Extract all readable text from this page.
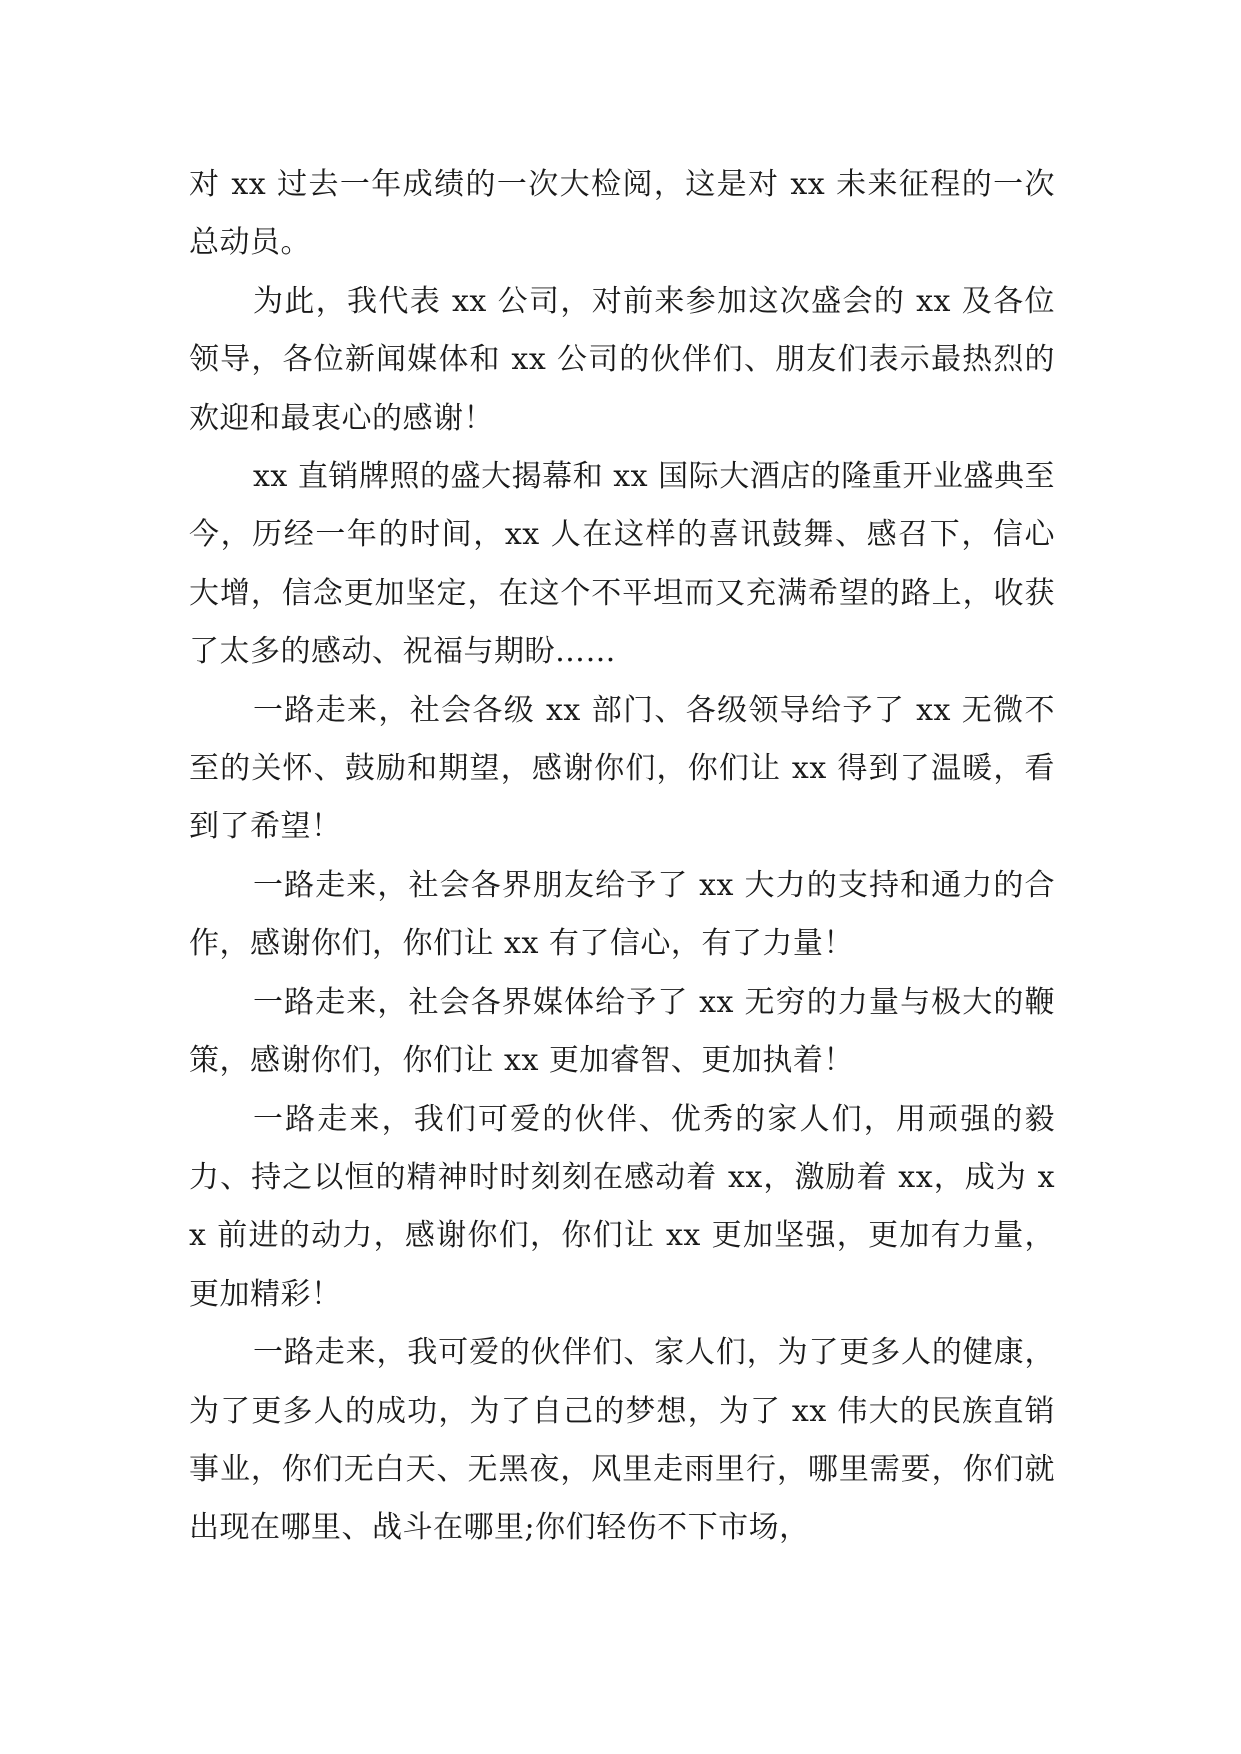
对 xx 过去一年成绩的一次大检阅，这是对 xx 未来征程的一次总动员。

为此，我代表 xx 公司，对前来参加这次盛会的 xx 及各位领导，各位新闻媒体和 xx 公司的伙伴们、朋友们表示最热烈的欢迎和最衷心的感谢！

xx 直销牌照的盛大揭幕和 xx 国际大酒店的隆重开业盛典至今，历经一年的时间，xx 人在这样的喜讯鼓舞、感召下，信心大增，信念更加坚定，在这个不平坦而又充满希望的路上，收获了太多的感动、祝福与期盼……

一路走来，社会各级 xx 部门、各级领导给予了 xx 无微不至的关怀、鼓励和期望，感谢你们，你们让 xx 得到了温暖，看到了希望！

一路走来，社会各界朋友给予了 xx 大力的支持和通力的合作，感谢你们，你们让 xx 有了信心，有了力量！

一路走来，社会各界媒体给予了 xx 无穷的力量与极大的鞭策，感谢你们，你们让 xx 更加睿智、更加执着！

一路走来，我们可爱的伙伴、优秀的家人们，用顽强的毅力、持之以恒的精神时时刻刻在感动着 xx，激励着 xx，成为 xx 前进的动力，感谢你们，你们让 xx 更加坚强，更加有力量，更加精彩！

一路走来，我可爱的伙伴们、家人们，为了更多人的健康，为了更多人的成功，为了自己的梦想，为了 xx 伟大的民族直销事业，你们无白天、无黑夜，风里走雨里行，哪里需要，你们就出现在哪里、战斗在哪里;你们轻伤不下市场，
